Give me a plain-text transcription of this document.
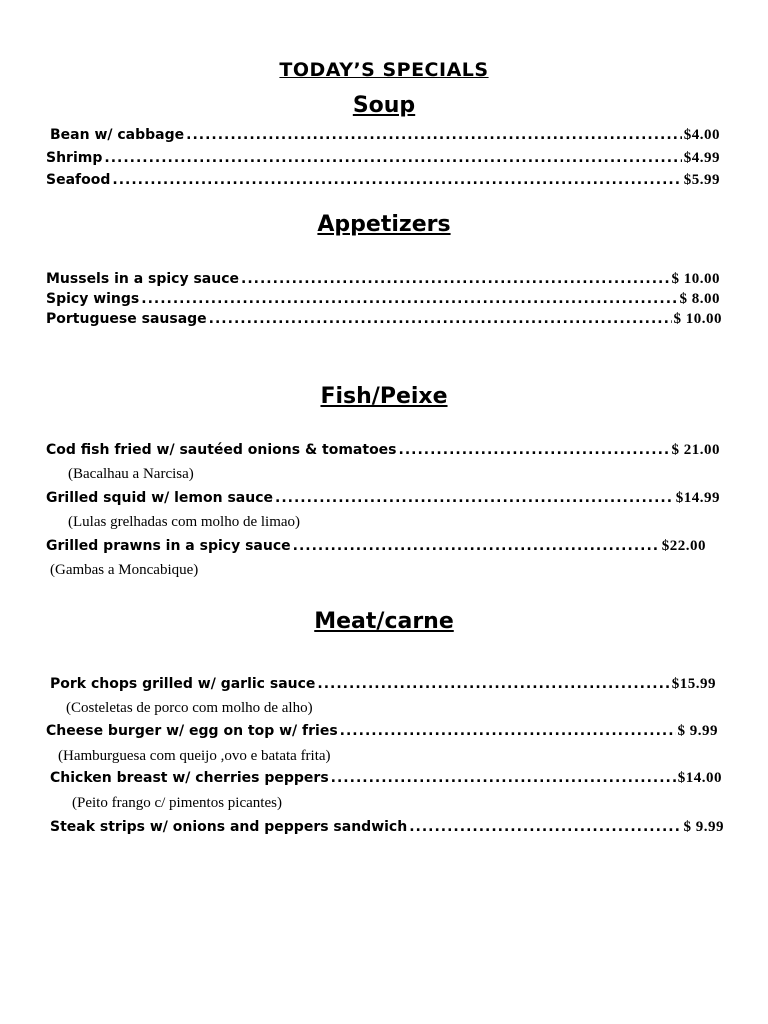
TODAY’S SPECIALS
Soup
Bean w/ cabbage .....	$4.00
Shrimp .....	$4.99
Seafood .....	$5.99
Appetizers
Mussels in a spicy sauce .....	$ 10.00
Spicy wings .....	$ 8.00
Portuguese sausage .....	$ 10.00
Fish/Peixe
Cod fish fried w/ sautéed onions & tomatoes .....	$ 21.00
(Bacalhau a Narcisa)
Grilled squid w/ lemon sauce .....	$14.99
(Lulas grelhadas com molho de limao)
Grilled prawns in a spicy sauce .....	$22.00
(Gambas a Moncabique)
Meat/carne
Pork chops grilled w/ garlic sauce .....	$15.99
(Costeletas de porco com molho de alho)
Cheese burger w/ egg on top w/ fries .....	$ 9.99
(Hamburguesa com queijo ,ovo e batata frita)
Chicken breast w/ cherries peppers .....	$14.00
(Peito frango c/ pimentos picantes)
Steak strips w/ onions and peppers sandwich .....	$ 9.99
